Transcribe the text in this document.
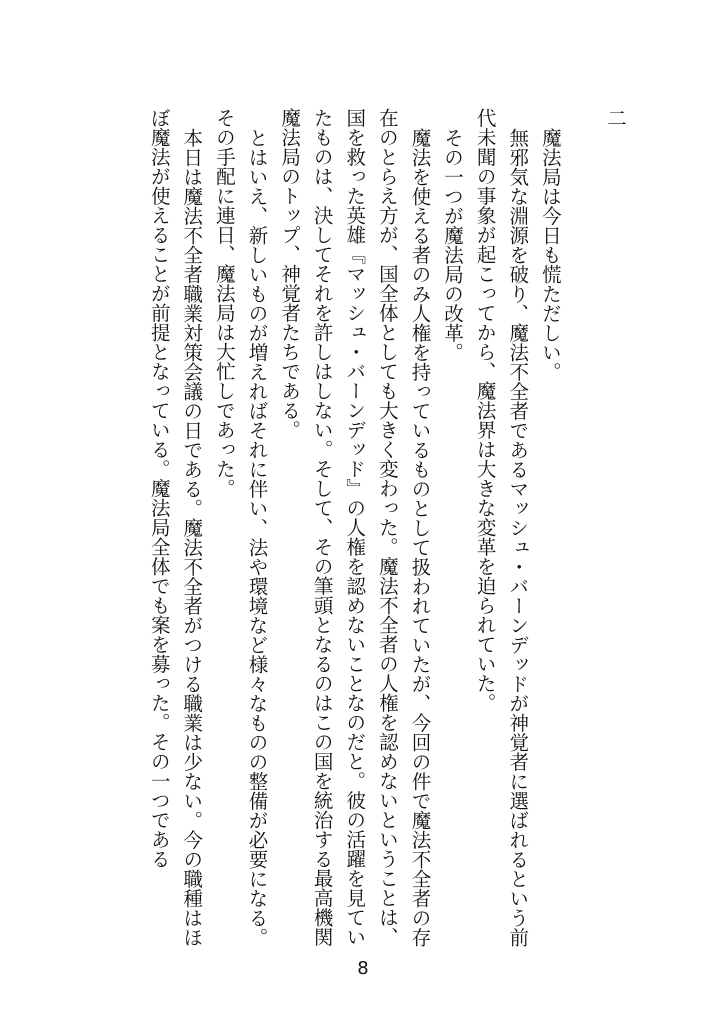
二

魔法局は今日も慌ただしい。

無邪気な淵源を破り、魔法不全者であるマッシュ・バーンデッドが神覚者に選ばれるという前代未聞の事象が起こってから、魔法界は大きな変革を迫られていた。

その一つが魔法局の改革。

魔法を使える者のみ人権を持っているものとして扱われていたが、今回の件で魔法不全者の存在のとらえ方が、国全体としても大きく変わった。魔法不全者の人権を認めないということは、国を救った英雄『マッシュ・バーンデッド』の人権を認めないことなのだと。彼の活躍を見ていたものは、決してそれを許しはしない。そして、その筆頭となるのはこの国を統治する最高機関魔法局のトップ、神覚者たちである。

とはいえ、新しいものが増えればそれに伴い、法や環境など様々なものの整備が必要になる。その手配に連日、魔法局は大忙しであった。

本日は魔法不全者職業対策会議の日である。魔法不全者がつける職業は少ない。今の職種はほぼ魔法が使えることが前提となっている。魔法局全体でも案を募った。その一つである

8
